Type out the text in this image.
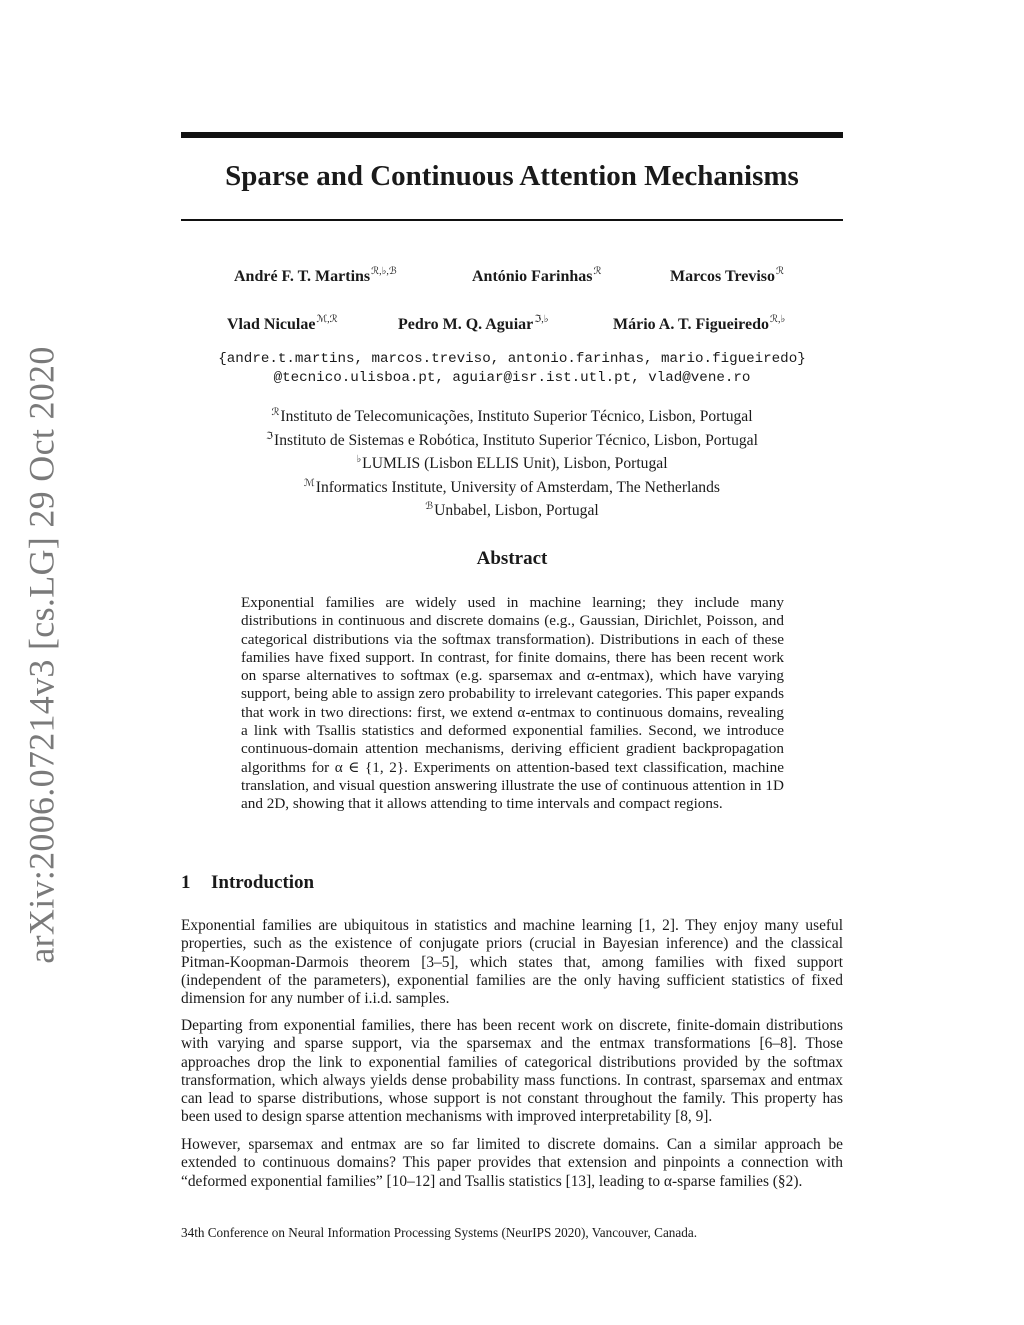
arXiv:2006.07214v3 [cs.LG] 29 Oct 2020
Sparse and Continuous Attention Mechanisms
André F. T. Martins$^{ℛ,♭,ℬ}$	António Farinhas$^ℛ$	Marcos Treviso$^ℛ$
Vlad Niculae$^{ℳ,ℛ}$	Pedro M. Q. Aguiar$^{ℑ,♭}$	Mário A. T. Figueiredo$^{ℛ,♭}$
{andre.t.martins, marcos.treviso, antonio.farinhas, mario.figueiredo}
@tecnico.ulisboa.pt, aguiar@isr.ist.utl.pt, vlad@vene.ro
$^ℛ$Instituto de Telecomunicações, Instituto Superior Técnico, Lisbon, Portugal
$^ℑ$Instituto de Sistemas e Robótica, Instituto Superior Técnico, Lisbon, Portugal
♭LUMLIS (Lisbon ELLIS Unit), Lisbon, Portugal
$^ℳ$Informatics Institute, University of Amsterdam, The Netherlands
$^ℬ$Unbabel, Lisbon, Portugal
Abstract

Exponential families are widely used in machine learning; they include many distributions in continuous and discrete domains (e.g., Gaussian, Dirichlet, Poisson, and categorical distributions via the softmax transformation). Distributions in each of these families have fixed support. In contrast, for finite domains, there has been recent work on sparse alternatives to softmax (e.g. sparsemax and α-entmax), which have varying support, being able to assign zero probability to irrelevant categories. This paper expands that work in two directions: first, we extend α-entmax to continuous domains, revealing a link with Tsallis statistics and deformed exponential families. Second, we introduce continuous-domain attention mechanisms, deriving efficient gradient backpropagation algorithms for α ∈ {1, 2}. Experiments on attention-based text classification, machine translation, and visual question answering illustrate the use of continuous attention in 1D and 2D, showing that it allows attending to time intervals and compact regions.

1 Introduction

Exponential families are ubiquitous in statistics and machine learning [1, 2]. They enjoy many useful properties, such as the existence of conjugate priors (crucial in Bayesian inference) and the classical Pitman-Koopman-Darmois theorem [3–5], which states that, among families with fixed support (independent of the parameters), exponential families are the only having sufficient statistics of fixed dimension for any number of i.i.d. samples.

Departing from exponential families, there has been recent work on discrete, finite-domain distributions with varying and sparse support, via the sparsemax and the entmax transformations [6–8]. Those approaches drop the link to exponential families of categorical distributions provided by the softmax transformation, which always yields dense probability mass functions. In contrast, sparsemax and entmax can lead to sparse distributions, whose support is not constant throughout the family. This property has been used to design sparse attention mechanisms with improved interpretability [8, 9].

However, sparsemax and entmax are so far limited to discrete domains. Can a similar approach be extended to continuous domains? This paper provides that extension and pinpoints a connection with “deformed exponential families” [10–12] and Tsallis statistics [13], leading to α-sparse families (§2).

34th Conference on Neural Information Processing Systems (NeurIPS 2020), Vancouver, Canada.
